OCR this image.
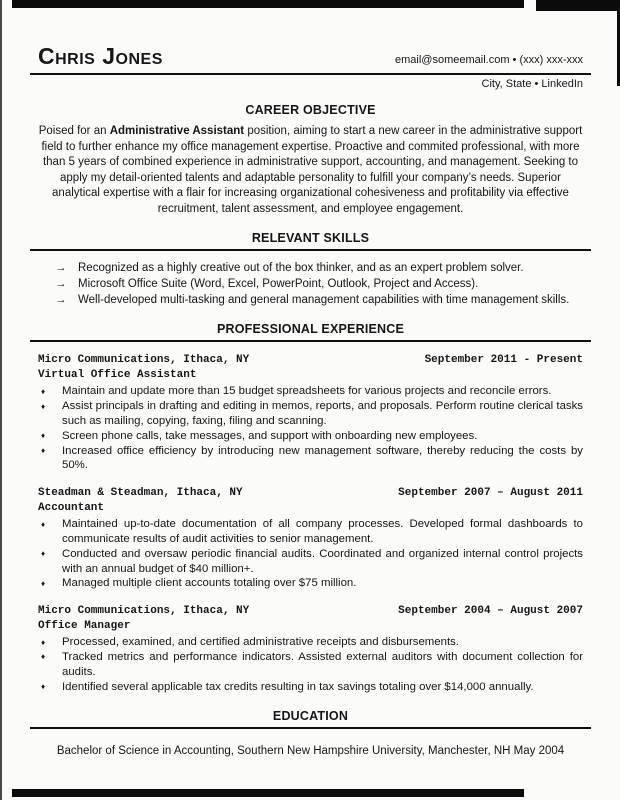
Chris Jones	email@someemail.com • (xxx) xxx-xxx
City, State • LinkedIn
CAREER OBJECTIVE

Poised for an Administrative Assistant position, aiming to start a new career in the administrative support field to further enhance my office management expertise. Proactive and commited professional, with more than 5 years of combined experience in administrative support, accounting, and management. Seeking to apply my detail-oriented talents and adaptable personality to fulfill your company’s needs. Superior analytical expertise with a flair for increasing organizational cohesiveness and profitability via effective recruitment, talent assessment, and employee engagement.

RELEVANT SKILLS
→ Recognized as a highly creative out of the box thinker, and as an expert problem solver.
→ Microsoft Office Suite (Word, Excel, PowerPoint, Outlook, Project and Access).
→ Well-developed multi-tasking and general management capabilities with time management skills.
PROFESSIONAL EXPERIENCE
Micro Communications, Ithaca, NY	September 2011 - Present
Virtual Office Assistant
♦ Maintain and update more than 15 budget spreadsheets for various projects and reconcile errors.
♦ Assist principals in drafting and editing in memos, reports, and proposals. Perform routine clerical tasks such as mailing, copying, faxing, filing and scanning.
♦ Screen phone calls, take messages, and support with onboarding new employees.
♦ Increased office efficiency by introducing new management software, thereby reducing the costs by 50%.
Steadman & Steadman, Ithaca, NY	September 2007 – August 2011
Accountant
♦ Maintained up-to-date documentation of all company processes. Developed formal dashboards to communicate results of audit activities to senior management.
♦ Conducted and oversaw periodic financial audits. Coordinated and organized internal control projects with an annual budget of $40 million+.
♦ Managed multiple client accounts totaling over $75 million.
Micro Communications, Ithaca, NY	September 2004 – August 2007
Office Manager
♦ Processed, examined, and certified administrative receipts and disbursements.
♦ Tracked metrics and performance indicators. Assisted external auditors with document collection for audits.
♦ Identified several applicable tax credits resulting in tax savings totaling over $14,000 annually.
EDUCATION

Bachelor of Science in Accounting, Southern New Hampshire University, Manchester, NH May 2004
